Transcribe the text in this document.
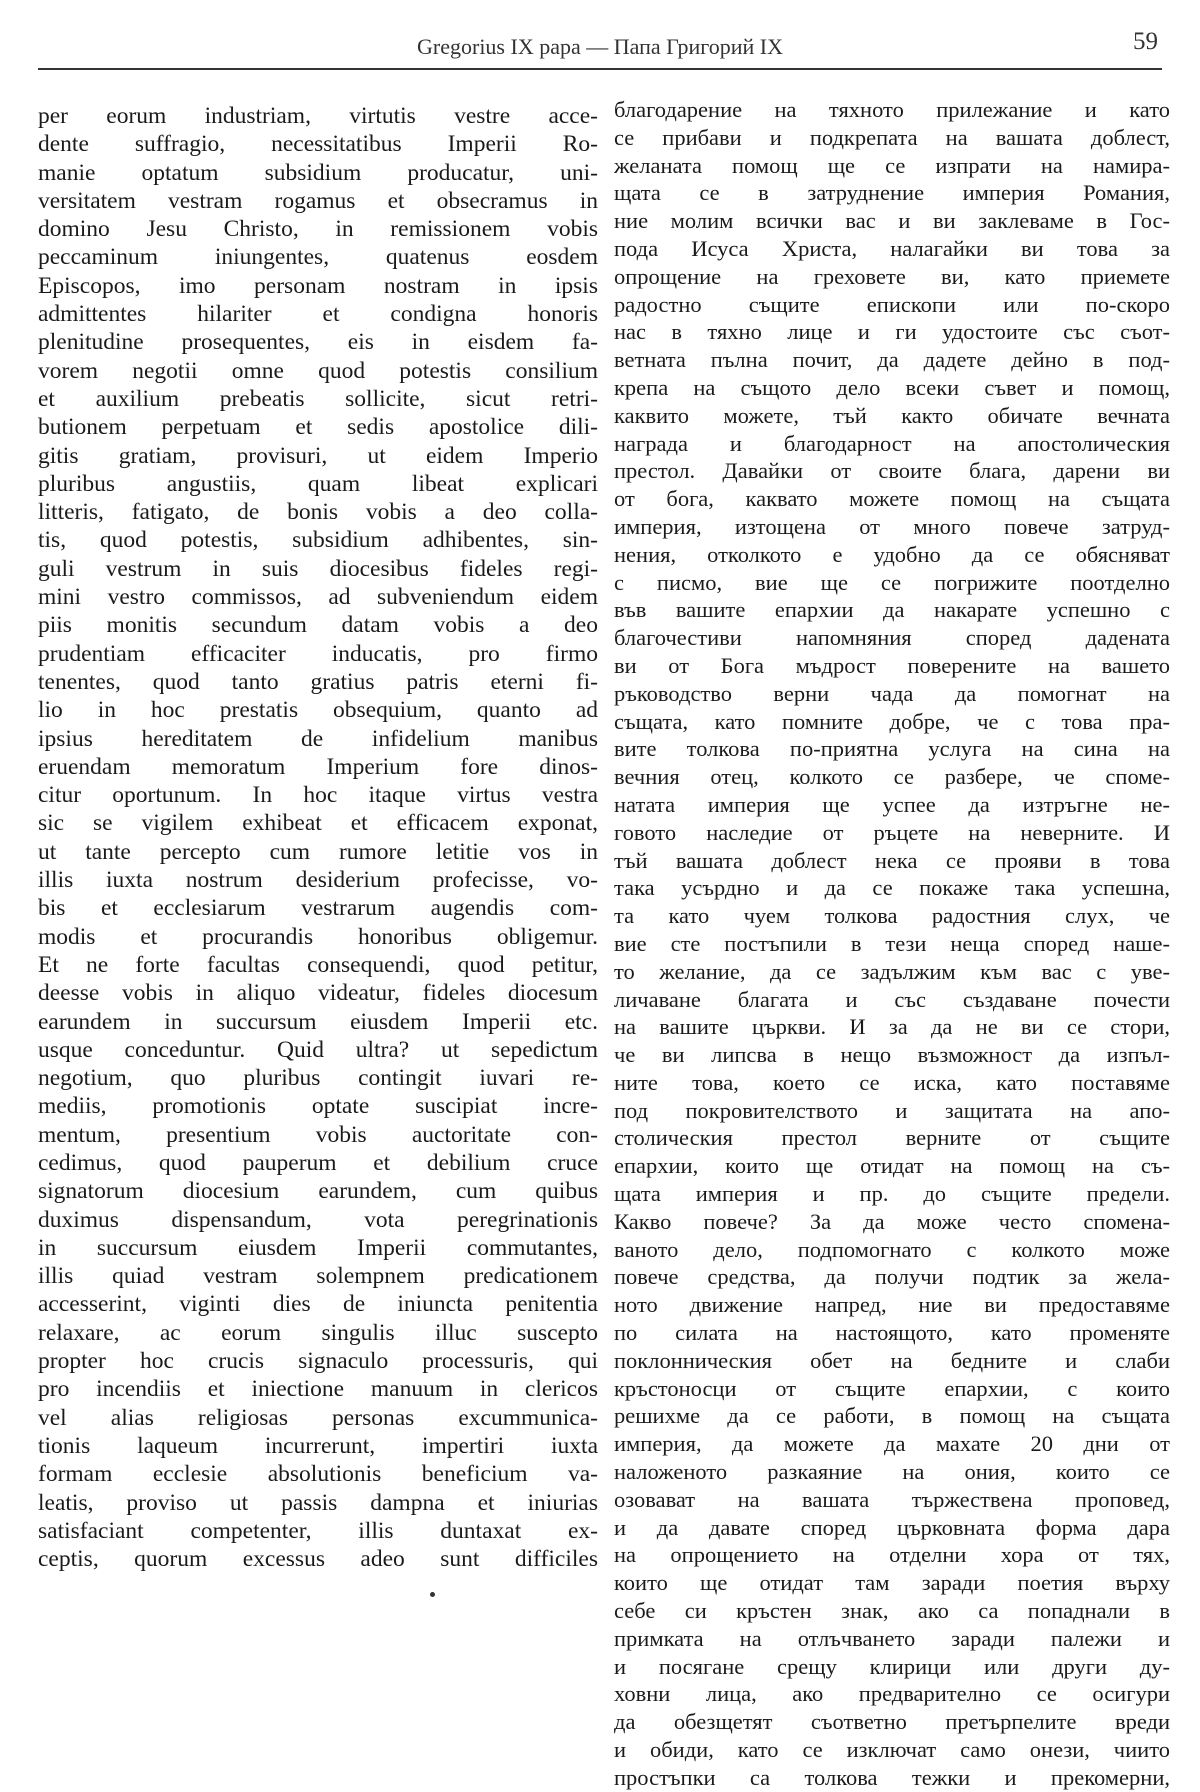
Gregorius IX papa — Папа Григорий IX	59
per eorum industriam, virtutis vestre acce-
dente suffragio, necessitatibus Imperii Ro-
manie optatum subsidium producatur, uni-
versitatem vestram rogamus et obsecramus in
domino Jesu Christo, in remissionem vobis
peccaminum iniungentes, quatenus eosdem
Episcopos, imo personam nostram in ipsis
admittentes hilariter et condigna honoris
plenitudine prosequentes, eis in eisdem fa-
vorem negotii omne quod potestis consilium
et auxilium prebeatis sollicite, sicut retri-
butionem perpetuam et sedis apostolice dili-
gitis gratiam, provisuri, ut eidem Imperio
pluribus angustiis, quam libeat explicari
litteris, fatigato, de bonis vobis a deo colla-
tis, quod potestis, subsidium adhibentes, sin-
guli vestrum in suis diocesibus fideles regi-
mini vestro commissos, ad subveniendum eidem
piis monitis secundum datam vobis a deo
prudentiam efficaciter inducatis, pro firmo
tenentes, quod tanto gratius patris eterni fi-
lio in hoc prestatis obsequium, quanto ad
ipsius hereditatem de infidelium manibus
eruendam memoratum Imperium fore dinos-
citur oportunum. In hoc itaque virtus vestra
sic se vigilem exhibeat et efficacem exponat,
ut tante percepto cum rumore letitie vos in
illis iuxta nostrum desiderium profecisse, vo-
bis et ecclesiarum vestrarum augendis com-
modis et procurandis honoribus obligemur.
Et ne forte facultas consequendi, quod petitur,
deesse vobis in aliquo videatur, fideles diocesum
earundem in succursum eiusdem Imperii etc.
usque conceduntur. Quid ultra? ut sepedictum
negotium, quo pluribus contingit iuvari re-
mediis, promotionis optate suscipiat incre-
mentum, presentium vobis auctoritate con-
cedimus, quod pauperum et debilium cruce
signatorum diocesium earundem, cum quibus
duximus dispensandum, vota peregrinationis
in succursum eiusdem Imperii commutantes,
illis quiad vestram solempnem predicationem
accesserint, viginti dies de iniuncta penitentia
relaxare, ac eorum singulis illuc suscepto
propter hoc crucis signaculo processuris, qui
pro incendiis et iniectione manuum in clericos
vel alias religiosas personas excummunica-
tionis laqueum incurrerunt, impertiri iuxta
formam ecclesie absolutionis beneficium va-
leatis, proviso ut passis dampna et iniurias
satisfaciant competenter, illis duntaxat ex-
ceptis, quorum excessus adeo sunt difficiles
благодарение на тяхното прилежание и като
се прибави и подкрепата на вашата доблест,
желаната помощ ще се изпрати на намира-
щата се в затруднение империя Романия,
ние молим всички вас и ви заклеваме в Гос-
пода Исуса Христа, налагайки ви това за
опрощение на греховете ви, като приемете
радостно същите епископи или по-скоро
нас в тяхно лице и ги удостоите със съот-
ветната пълна почит, да дадете дейно в под-
крепа на същото дело всеки съвет и помощ,
каквито можете, тъй както обичате вечната
награда и благодарност на апостолическия
престол. Давайки от своите блага, дарени ви
от бога, каквато можете помощ на същата
империя, изтощена от много повече затруд-
нения, отколкото е удобно да се обясняват
с писмо, вие ще се погрижите поотделно
във вашите епархии да накарате успешно с
благочестиви напомняния според дадената
ви от Бога мъдрост поверените на вашето
ръководство верни чада да помогнат на
същата, като помните добре, че с това пра-
вите толкова по-приятна услуга на сина на
вечния отец, колкото се разбере, че спомe-
натата империя ще успее да изтръгне не-
говото наследие от ръцете на неверните. И
тъй вашата доблест нека се прояви в това
така усърдно и да се покаже така успешна,
та като чуем толкова радостния слух, че
вие сте постъпили в тези неща според наше-
то желание, да се задължим към вас с уве-
личаване благата и със създаване почести
на вашите църкви. И за да не ви се стори,
че ви липсва в нещо възможност да изпъл-
ните това, което се иска, като поставяме
под покровителството и защитата на апо-
столическия престол верните от същите
епархии, които ще отидат на помощ на съ-
щата империя и пр. до същите предели.
Какво повече? За да може често спомена-
вaното дело, подпомогнато с колкото може
повече средства, да получи подтик за жела-
ното движение напред, ние ви предоставяме
по силата на настоящото, като променяте
поклонническия обет на бедните и слаби
кръстоносци от същите епархии, с които
решихме да се работи, в помощ на същата
империя, да можете да махате 20 дни от
наложеното разкаяние на ония, които се
озовават на вашата тържествена проповед,
и да давате според църковната форма дара
на опрощението на отделни хора от тях,
които ще отидат там заради поетия върху
себе си кръстен знак, ако са попаднали в
примката на отлъчването заради палежи и
и посягане срещу клирици или други ду-
ховни лица, ако предварително се осигури
да обезщетят съответно претърпелите вреди
и обиди, като се изключат само онези, чиито
простъпки са толкова тежки и прекомерни,
